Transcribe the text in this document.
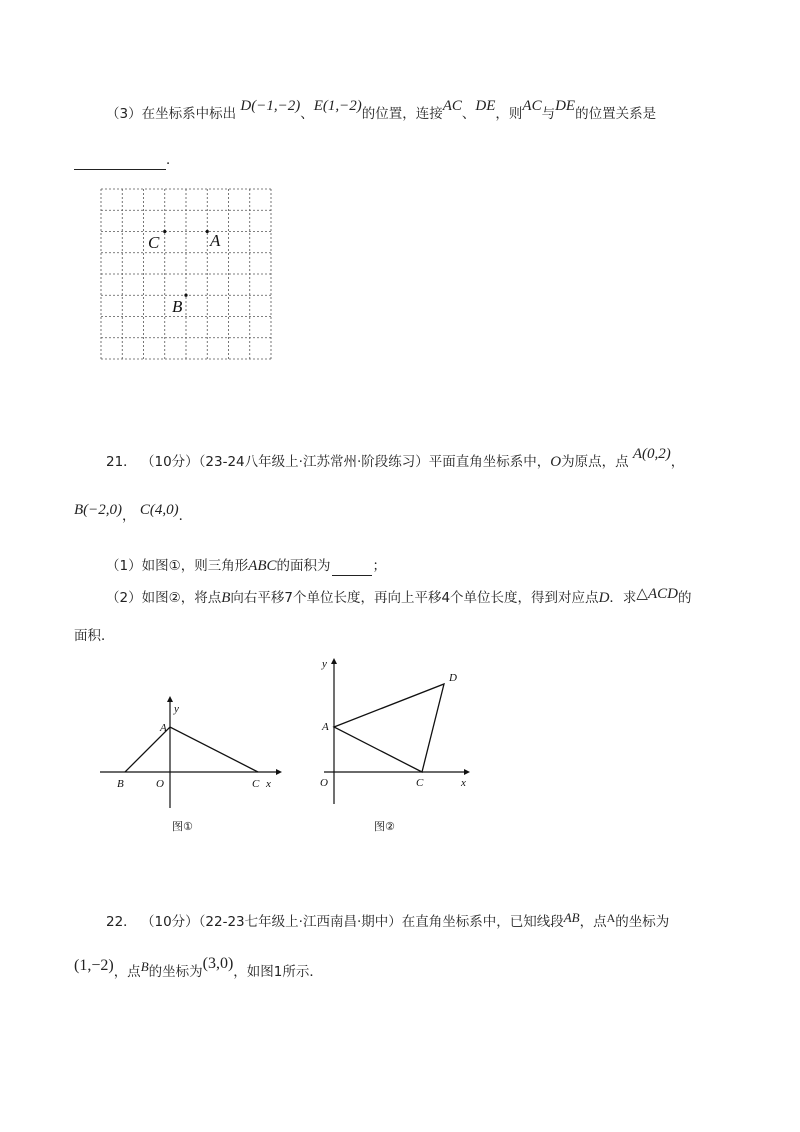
（3）在坐标系中标出 D(−1,−2)、E(1,−2)的位置，连接AC、DE，则AC与DE的位置关系是
．
C	A
B
21． （10分）（23-24八年级上·江苏常州·阶段练习）平面直角坐标系中，O为原点，点 A(0,2)，
B(−2,0)， C(4,0)．
（1）如图①，则三角形ABC的面积为	；
（2）如图②，将点B向右平移7个单位长度，再向上平移4个单位长度，得到对应点D．求△ACD的
面积．
y
A
B	O	C x
图①
y
A
D
O	C	x
图②
22． （10分）（22-23七年级上·江西南昌·期中）在直角坐标系中，已知线段AB，点A的坐标为
(1,−2)，点B的坐标为(3,0)，如图1所示．
